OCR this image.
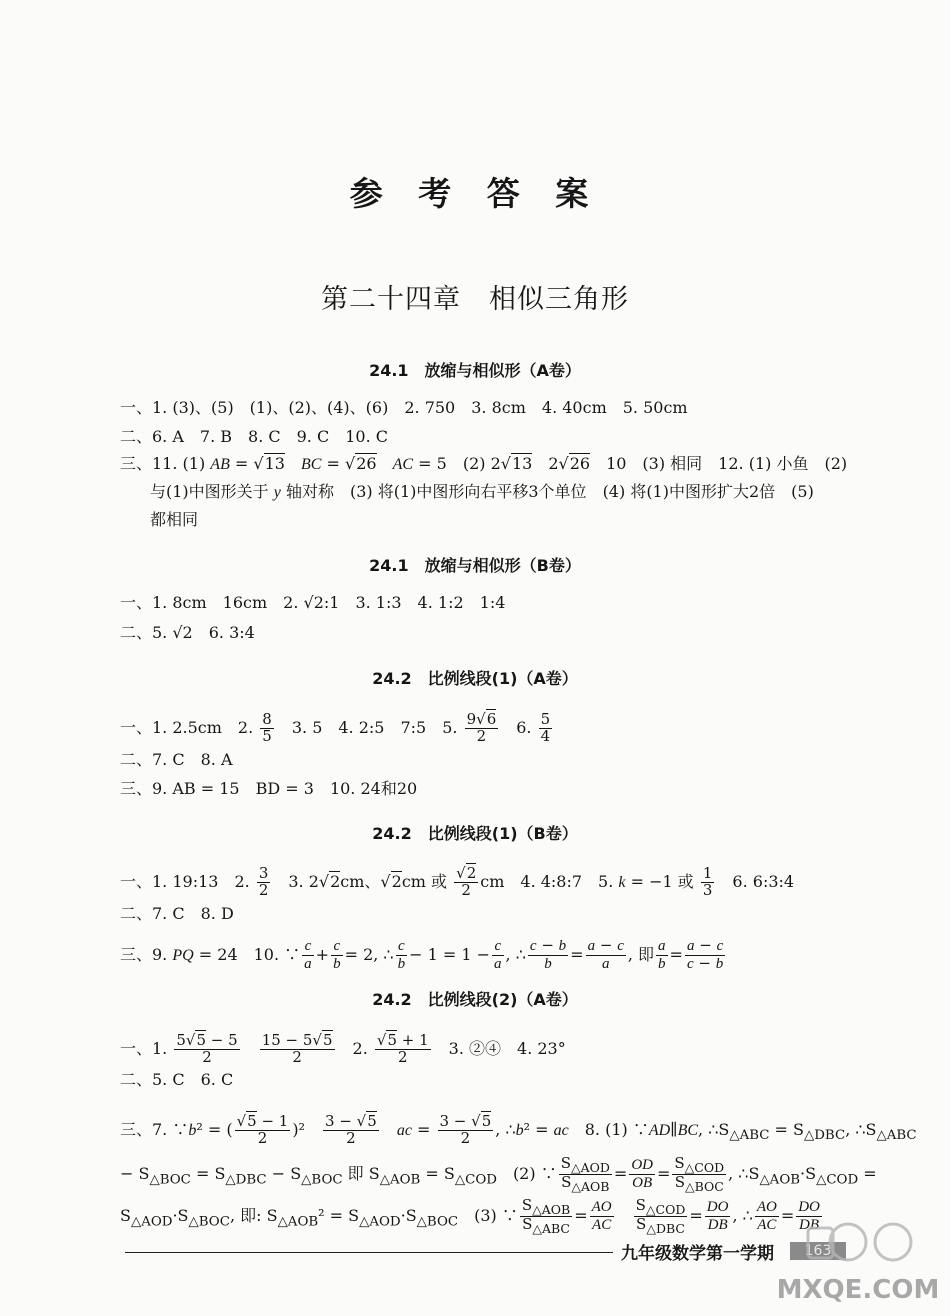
参 考 答 案
第二十四章　相似三角形
24.1　放缩与相似形（A卷）
一、1. (3)、(5)　(1)、(2)、(4)、(6)　2. 750　3. 8cm　4. 40cm　5. 50cm
二、6. A　7. B　8. C　9. C　10. C
三、11. (1) AB = √13　 BC = √26　 AC = 5　(2) 2√13　2√26　10　(3) 相同　12. (1) 小鱼　(2)
与(1)中图形关于 y 轴对称　(3) 将(1)中图形向右平移3个单位　(4) 将(1)中图形扩大2倍　(5)
都相同
24.1　放缩与相似形（B卷）
一、1. 8cm　16cm　2. √2:1　3. 1:3　4. 1:2　1:4
二、5. √2　6. 3:4
24.2　比例线段(1)（A卷）
一、1. 2.5cm　2. $\frac{8}{5}$ 　3. 5　4. 2:5　7:5　5. $\frac{9√6}{2}$ 　6. $\frac{5}{4}$
二、7. C　8. A
三、9. AB = 15　BD = 3　10. 24和20
24.2　比例线段(1)（B卷）
一、1. 19:13　2. $\frac{3}{2}$ 　3. 2√2cm、√2cm 或 $\frac{√2}{2}$ cm　4. 4:8:7　5. k = −1 或 $\frac{1}{3}$ 　6. 6:3:4
二、7. C　8. D
三、9. PQ = 24　10. ∵ $\frac{c}{a} + \frac{c}{b} = 2$, ∴ $\frac{c}{b} - 1 = 1 - \frac{c}{a}$ , ∴ $\frac{c - b}{b} = \frac{a - c}{a}$ , 即 $\frac{a}{b} = \frac{a - c}{c - b}$
24.2　比例线段(2)（A卷）
一、1. $\frac{5√5 - 5}{2}$
　 $\frac{15 - 5√5}{2}$ 　2. $\frac{√5 + 1}{2}$ 　3. ②④　4. 23°
二、5. C　6. C
三、7. ∵b² = ( $\frac{√5 - 1}{2} )^2$　 $\frac{3 - √5}{2}$
　 ac = $\frac{3 - √5}{2}$ , ∴b² = ac　8. (1) ∵AD∥BC, $\therefore S_{\triangle ABC} = S_{\triangle DBC}$, $\therefore S_{\triangle ABC}$
− $S_{\triangle BOC} = S_{\triangle DBC} - S_{\triangle BOC}$ 即 $S_{\triangle AOB} = S_{\triangle COD}$　(2) ∵
$S_{\triangle AOD}$
$S_{\triangle AOB}$
= $\frac{OD}{OB}$ =
$S_{\triangle COD}$
$S_{\triangle BOC}$
, $\therefore S_{\triangle AOB}\cdot S_{\triangle COD}$ =
$S_{\triangle AOD}\cdot S_{\triangle BOC}$, 即: $S_{\triangle AOB}^2 = S_{\triangle AOD}\cdot S_{\triangle BOC}$　(3) ∵
$S_{\triangle AOB}$
$S_{\triangle ABC}$
= $\frac{AO}{AC}$
　 $S_{\triangle COD}$
$S_{\triangle DBC}$
= $\frac{DO}{DB}$ , ∴ $\frac{AO}{AC} = \frac{DO}{DB}$
九年级数学第一学期	163
MXQE.COM
